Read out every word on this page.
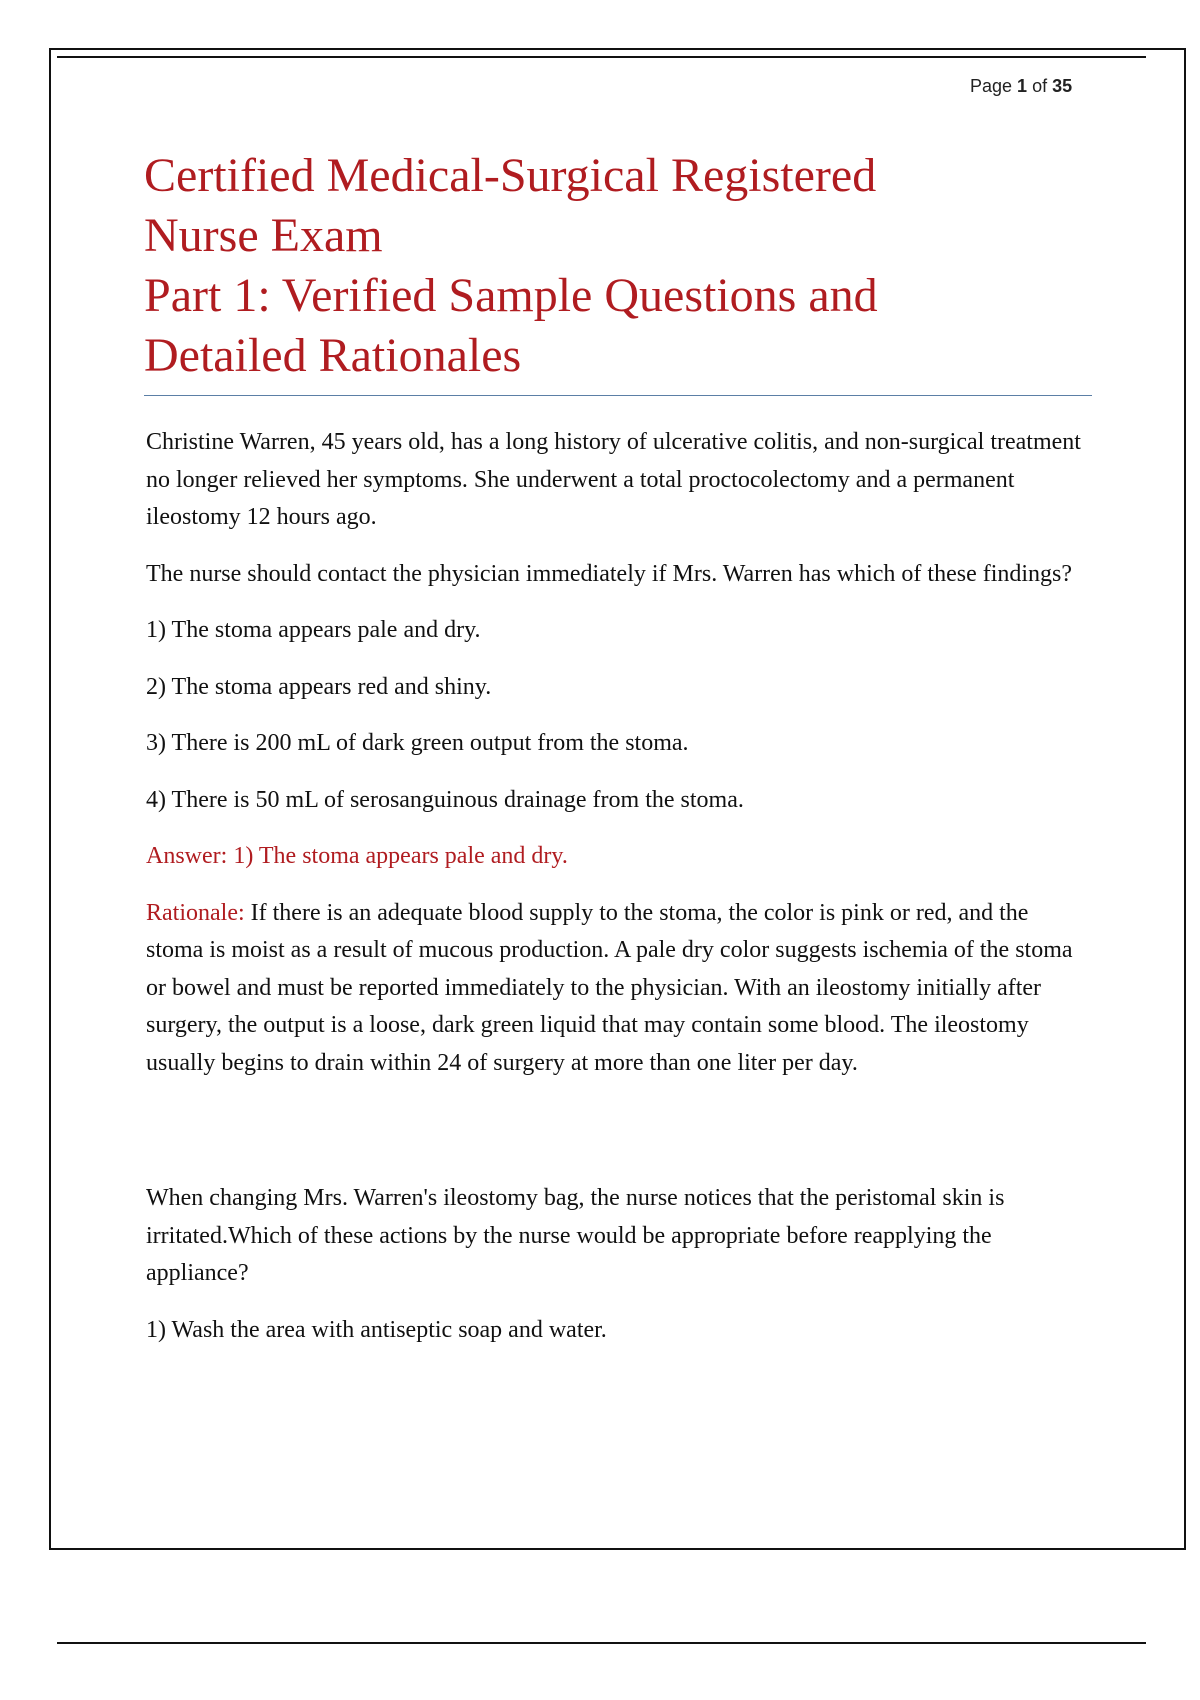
Page 1 of 35
Certified Medical-Surgical Registered
Nurse Exam
Part 1: Verified Sample Questions and
Detailed Rationales

Christine Warren, 45 years old, has a long history of ulcerative colitis, and non-surgical treatment no longer relieved her symptoms. She underwent a total proctocolectomy and a permanent ileostomy 12 hours ago.

The nurse should contact the physician immediately if Mrs. Warren has which of these findings?

1) The stoma appears pale and dry.

2) The stoma appears red and shiny.

3) There is 200 mL of dark green output from the stoma.

4) There is 50 mL of serosanguinous drainage from the stoma.

Answer: 1) The stoma appears pale and dry.

Rationale: If there is an adequate blood supply to the stoma, the color is pink or red, and the stoma is moist as a result of mucous production. A pale dry color suggests ischemia of the stoma or bowel and must be reported immediately to the physician. With an ileostomy initially after surgery, the output is a loose, dark green liquid that may contain some blood. The ileostomy usually begins to drain within 24 of surgery at more than one liter per day.

When changing Mrs. Warren's ileostomy bag, the nurse notices that the peristomal skin is irritated.Which of these actions by the nurse would be appropriate before reapplying the appliance?

1) Wash the area with antiseptic soap and water.
